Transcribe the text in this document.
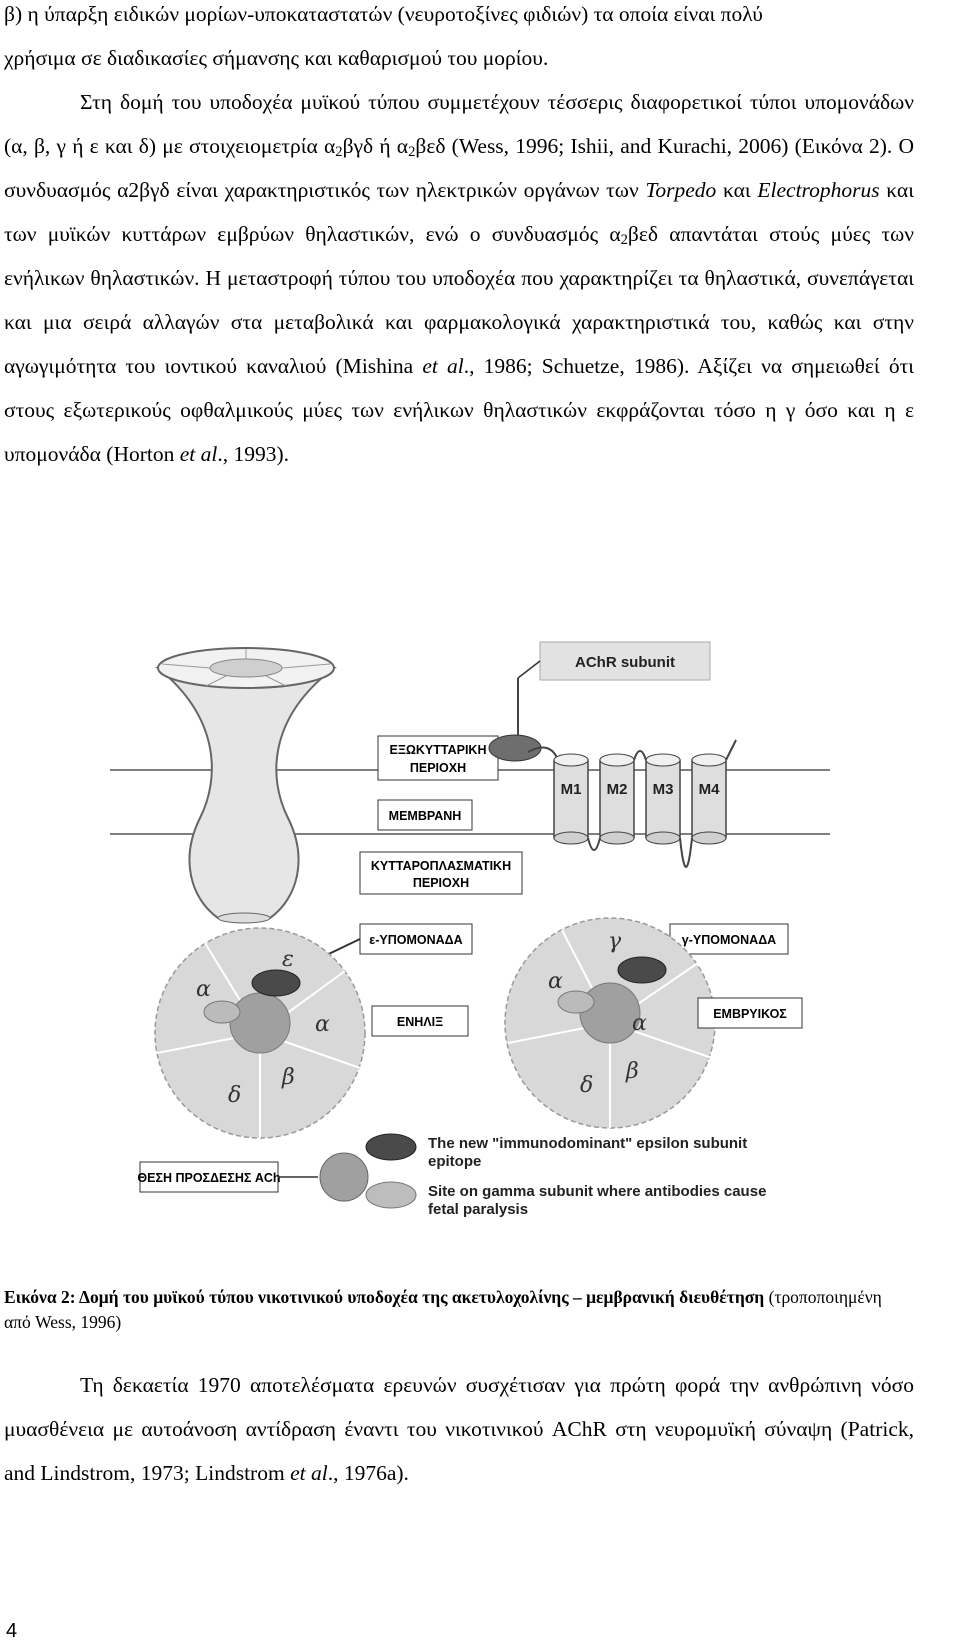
β) η ύπαρξη ειδικών μορίων-υποκαταστατών (νευροτοξίνες φιδιών) τα οποία είναι πολύ
χρήσιμα σε διαδικασίες σήμανσης και καθαρισμού του μορίου.

Στη δομή του υποδοχέα μυϊκού τύπου συμμετέχουν τέσσερις διαφορετικοί τύποι υπομονάδων (α, β, γ ή ε και δ) με στοιχειομετρία $\alpha_2\beta\gamma\delta$ ή $\alpha_2\beta\varepsilon\delta$ (Wess, 1996; Ishii, and Kurachi, 2006) (Εικόνα 2). Ο συνδυασμός α2βγδ είναι χαρακτηριστικός των ηλεκτρικών οργάνων των Torpedo και Electrophorus και των μυϊκών κυττάρων εμβρύων θηλαστικών, ενώ ο συνδυασμός $\alpha_2\beta\varepsilon\delta$ απαντάται στούς μύες των ενήλικων θηλαστικών. Η μεταστροφή τύπου του υποδοχέα που χαρακτηρίζει τα θηλαστικά, συνεπάγεται και μια σειρά αλλαγών στα μεταβολικά και φαρμακολογικά χαρακτηριστικά του, καθώς και στην αγωγιμότητα του ιοντικού καναλιού (Mishina et al., 1986; Schuetze, 1986). Αξίζει να σημειωθεί ότι στους εξωτερικούς οφθαλμικούς μύες των ενήλικων θηλαστικών εκφράζονται τόσο η γ όσο και η ε υπομονάδα (Horton et al., 1993).

ΕΞΩΚΥΤΤΑΡΙΚΗ
ΠΕΡΙΟΧΗ
ΜΕΜΒΡΑΝΗ
ΚΥΤΤΑΡΟΠΛΑΣΜΑΤΙΚΗ
ΠΕΡΙΟΧΗ
AChR subunit
M1 M2 M3 M4
ε-ΥΠΟΜΟΝΑΔΑ	γ-ΥΠΟΜΟΝΑΔΑ
ε
α
α
δ
β
γ
α
α
δ
β
ΕΝΗΛΙΞ
ΕΜΒΡΥΙΚΟΣ
ΘΕΣΗ ΠΡΟΣΔΕΣΗΣ ACh
The new "immunodominant" epsilon subunit
epitope
Site on gamma subunit where antibodies cause
fetal paralysis

Εικόνα 2: Δομή του μυϊκού τύπου νικοτινικού υποδοχέα της ακετυλοχολίνης – μεμβρανική διευθέτηση (τροποποιημένη από Wess, 1996)

Τη δεκαετία 1970 αποτελέσματα ερευνών συσχέτισαν για πρώτη φορά την ανθρώπινη νόσο μυασθένεια με αυτοάνοση αντίδραση έναντι του νικοτινικού AChR στη νευρομυϊκή σύναψη (Patrick, and Lindstrom, 1973; Lindstrom et al., 1976a).

4
